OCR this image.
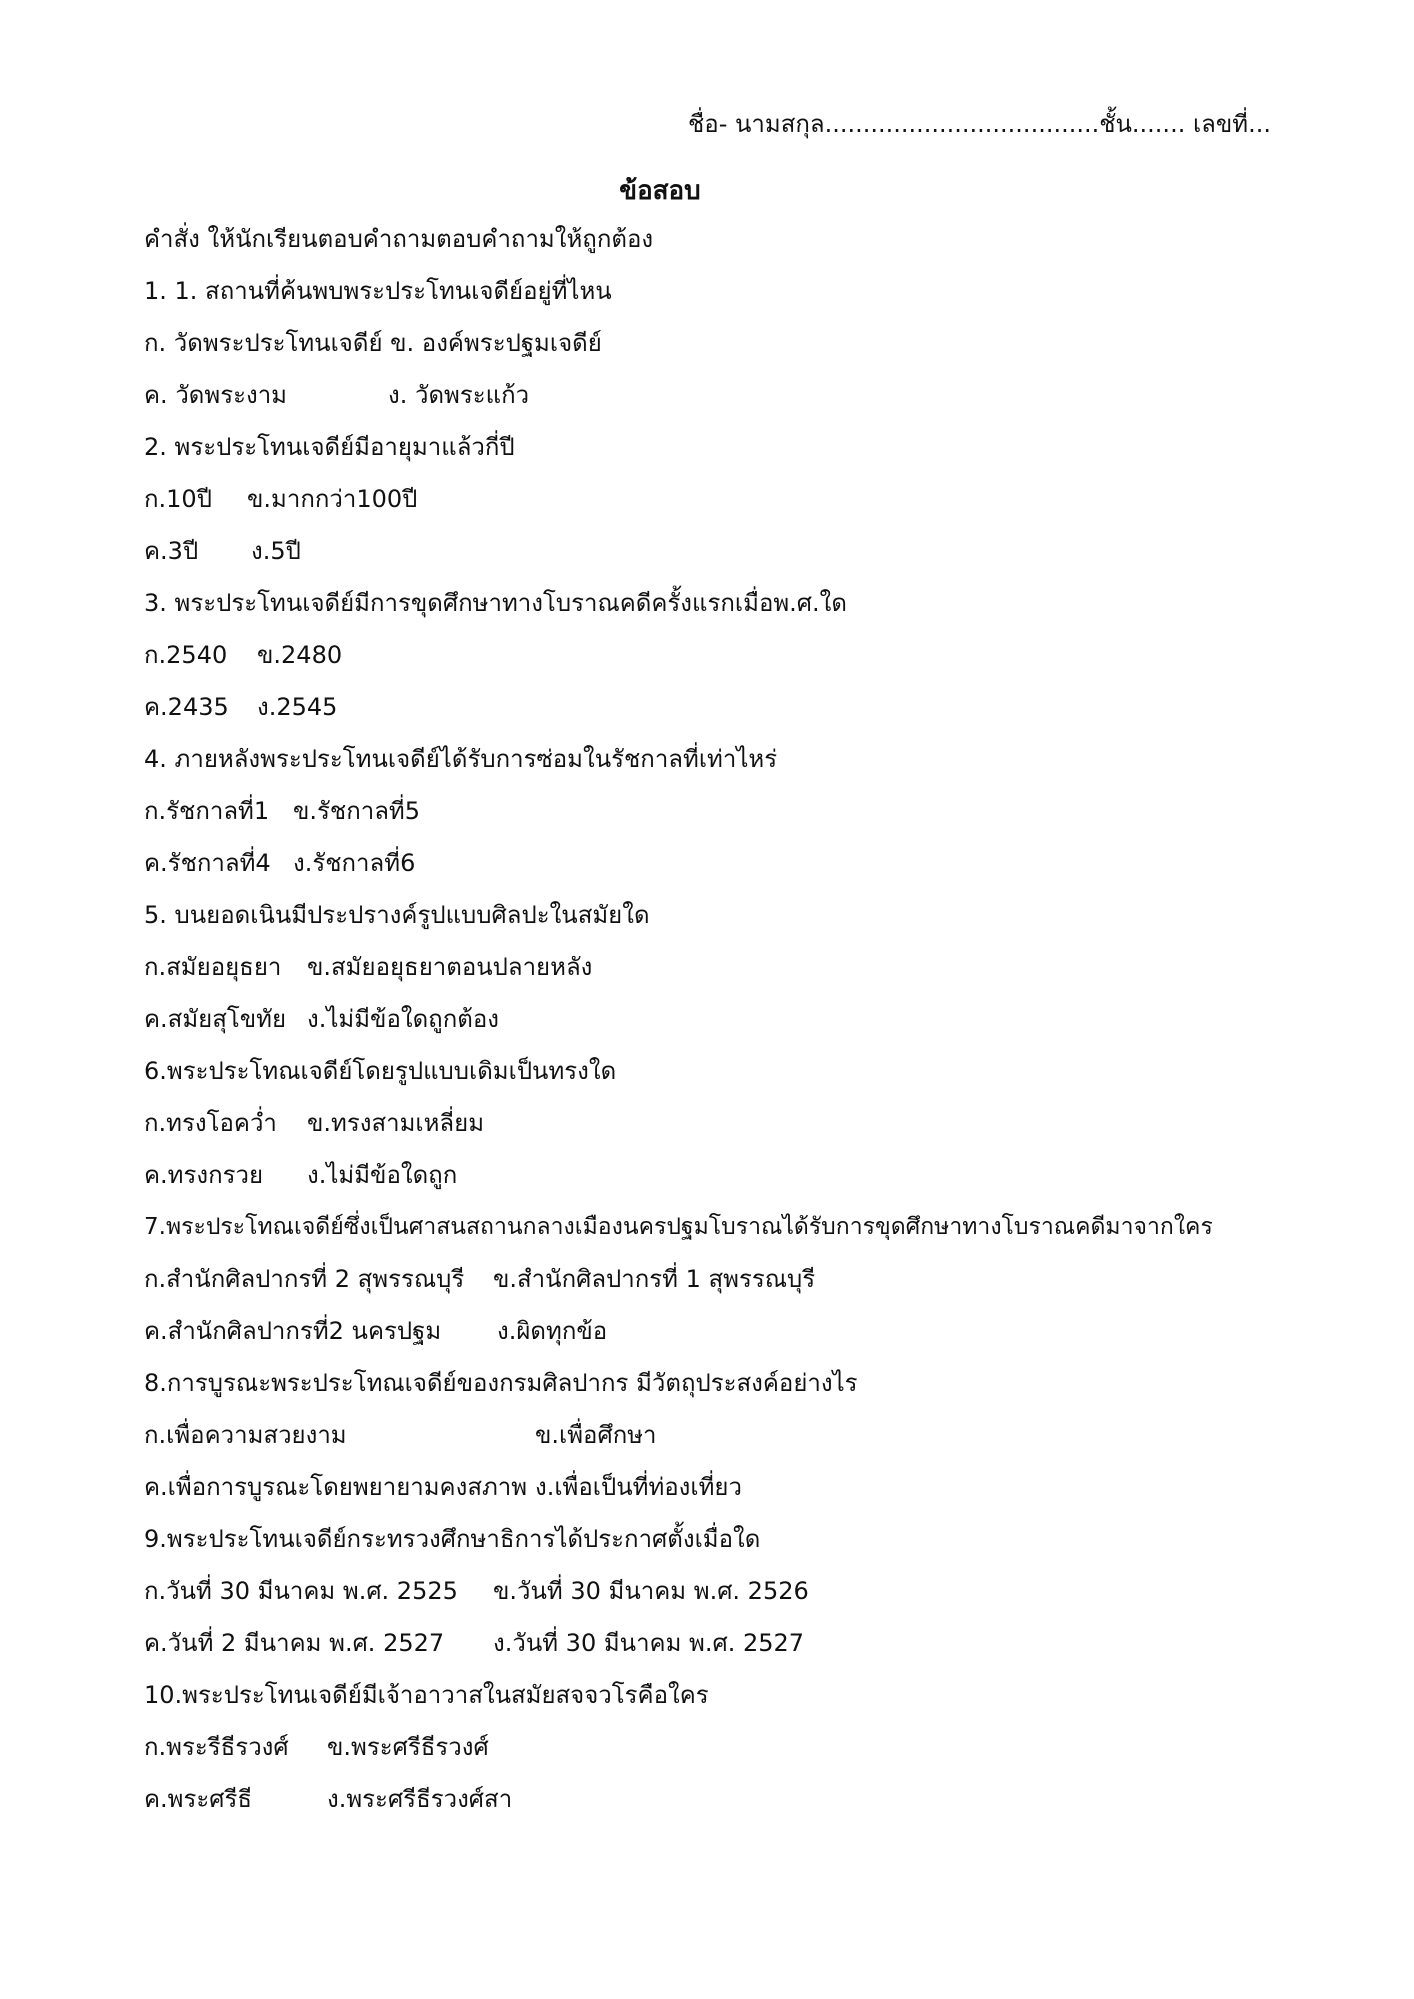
ชื่อ- นามสกุล....................................ชั้น....... เลขที่...
ข้อสอบ
คำสั่ง ให้นักเรียนตอบคำถามตอบคำถามให้ถูกต้อง
1. 1. สถานที่ค้นพบพระประโทนเจดีย์อยู่ที่ไหน
ก. วัดพระประโทนเจดีย์ ข. องค์พระปฐมเจดีย์
ค. วัดพระงาม	ง. วัดพระแก้ว
2. พระประโทนเจดีย์มีอายุมาแล้วกี่ปี
ก.10ปี ข.มากกว่า100ปี
ค.3ปี ง.5ปี
3. พระประโทนเจดีย์มีการขุดศึกษาทางโบราณคดีครั้งแรกเมื่อพ.ศ.ใด
ก.2540 ข.2480
ค.2435 ง.2545
4. ภายหลังพระประโทนเจดีย์ได้รับการซ่อมในรัชกาลที่เท่าไหร่
ก.รัชกาลที่1 ข.รัชกาลที่5
ค.รัชกาลที่4 ง.รัชกาลที่6
5. บนยอดเนินมีประปรางค์รูปแบบศิลปะในสมัยใด
ก.สมัยอยุธยา ข.สมัยอยุธยาตอนปลายหลัง
ค.สมัยสุโขทัย ง.ไม่มีข้อใดถูกต้อง
6.พระประโทณเจดีย์โดยรูปแบบเดิมเป็นทรงใด
ก.ทรงโอคว่ำ ข.ทรงสามเหลี่ยม
ค.ทรงกรวย ง.ไม่มีข้อใดถูก
7.พระประโทณเจดีย์ซึ่งเป็นศาสนสถานกลางเมืองนครปฐมโบราณได้รับการขุดศึกษาทางโบราณคดีมาจากใคร
ก.สำนักศิลปากรที่ 2 สุพรรณบุรี ข.สำนักศิลปากรที่ 1 สุพรรณบุรี
ค.สำนักศิลปากรที่2 นครปฐม ง.ผิดทุกข้อ
8.การบูรณะพระประโทณเจดีย์ของกรมศิลปากร มีวัตถุประสงค์อย่างไร
ก.เพื่อความสวยงาม	ข.เพื่อศึกษา
ค.เพื่อการบูรณะโดยพยายามคงสภาพ ง.เพื่อเป็นที่ท่องเที่ยว
9.พระประโทนเจดีย์กระทรวงศึกษาธิการได้ประกาศตั้งเมื่อใด
ก.วันที่ 30 มีนาคม พ.ศ. 2525 ข.วันที่ 30 มีนาคม พ.ศ. 2526
ค.วันที่ 2 มีนาคม พ.ศ. 2527 ง.วันที่ 30 มีนาคม พ.ศ. 2527
10.พระประโทนเจดีย์มีเจ้าอาวาสในสมัยสจจวโรคือใคร
ก.พระรีธีรวงศ์ ข.พระศรีธีรวงศ์
ค.พระศรีธี	ง.พระศรีธีรวงศ์สา
